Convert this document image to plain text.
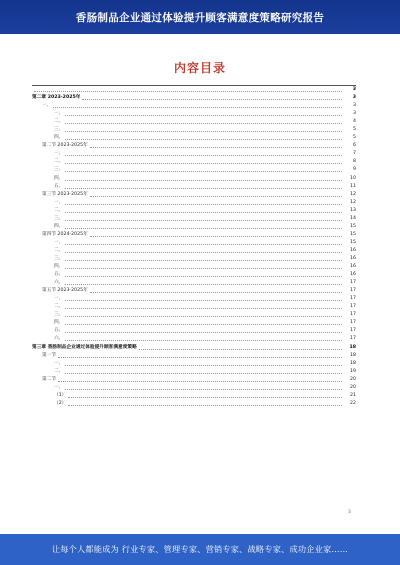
香肠制品企业通过体验提升顾客满意度策略研究报告
内容目录
3
第二章 2023-2025年	3
一、	3
一、	3
二、	4
三、	5
四、	5
第二节 2023-2025年	6
一、	7
二、	8
三、	9
四、	10
五、	11
第三节 2023-2025年	12
一、	12
二、	13
三、	14
四、	15
第四节 2024-2025年	15
一、	15
二、	16
三、	16
四、	16
五、	16
六、	17
第五节 2023-2025年	17
一、	17
二、	17
三、	17
四、	17
五、	17
六、	17
第三章 香肠制品企业通过体验提升顾客满意度策略	18
第一节	18
一、	18
二、	19
第二节	20
一、	20
（1）	21
（2）	22
3
让每个人都能成为 行业专家、管理专家、营销专家、战略专家、成功企业家……
